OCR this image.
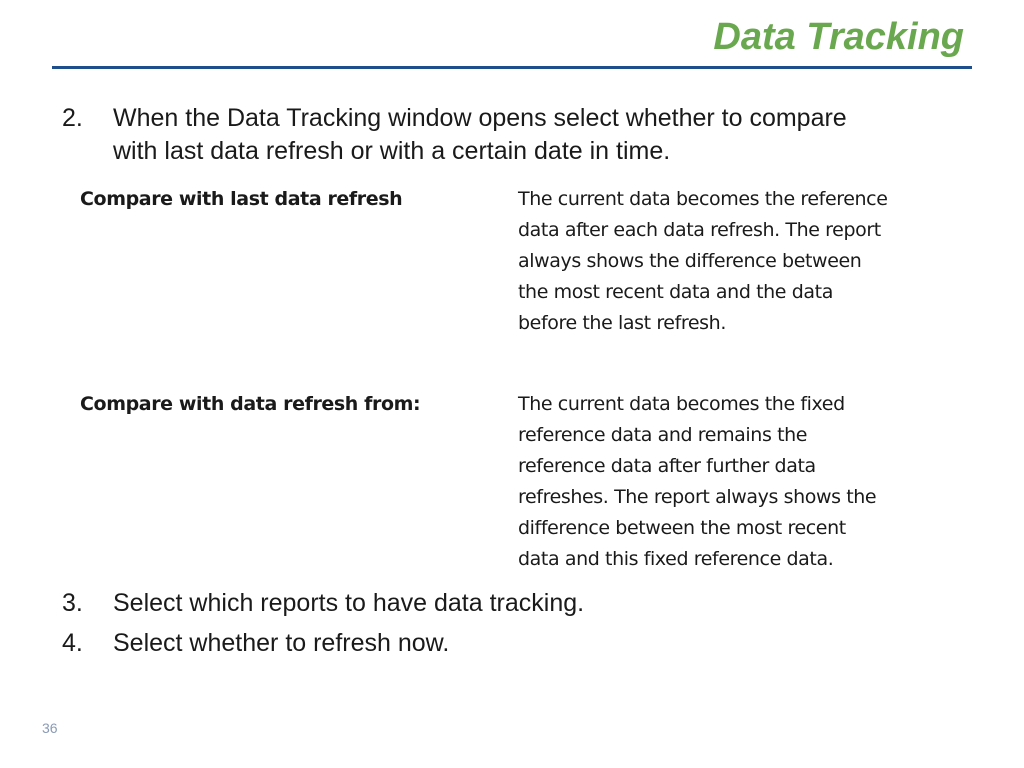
Data Tracking
2.	When the Data Tracking window opens select whether to compare
with last data refresh or with a certain date in time.
Compare with last data refresh	The current data becomes the reference
data after each data refresh. The report
always shows the difference between
the most recent data and the data
before the last refresh.
Compare with data refresh from:	The current data becomes the fixed
reference data and remains the
reference data after further data
refreshes. The report always shows the
difference between the most recent
data and this fixed reference data.
3.	Select which reports to have data tracking.
4.	Select whether to refresh now.
36
